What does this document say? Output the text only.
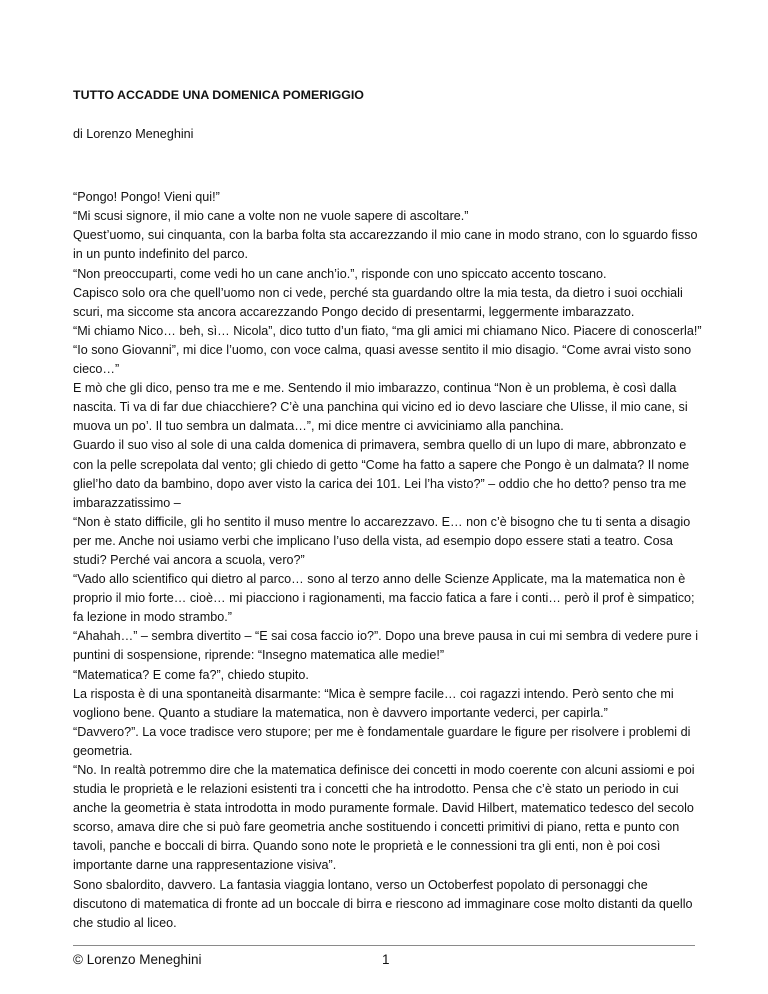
TUTTO ACCADDE UNA DOMENICA POMERIGGIO

di Lorenzo Meneghini

“Pongo! Pongo! Vieni qui!”

“Mi scusi signore, il mio cane a volte non ne vuole sapere di ascoltare.”

Quest’uomo, sui cinquanta, con la barba folta sta accarezzando il mio cane in modo strano, con lo sguardo fisso in un punto indefinito del parco.

“Non preoccuparti, come vedi ho un cane anch’io.”, risponde con uno spiccato accento toscano.

Capisco solo ora che quell’uomo non ci vede, perché sta guardando oltre la mia testa, da dietro i suoi occhiali scuri, ma siccome sta ancora accarezzando Pongo decido di presentarmi, leggermente imbarazzato.

“Mi chiamo Nico… beh, sì… Nicola”, dico tutto d’un fiato, “ma gli amici mi chiamano Nico. Piacere di conoscerla!”

“Io sono Giovanni”, mi dice l’uomo, con voce calma, quasi avesse sentito il mio disagio. “Come avrai visto sono cieco…”

E mò che gli dico, penso tra me e me. Sentendo il mio imbarazzo, continua “Non è un problema, è così dalla nascita. Ti va di far due chiacchiere? C’è una panchina qui vicino ed io devo lasciare che Ulisse, il mio cane, si muova un po’. Il tuo sembra un dalmata…”, mi dice mentre ci avviciniamo alla panchina.

Guardo il suo viso al sole di una calda domenica di primavera, sembra quello di un lupo di mare, abbronzato e con la pelle screpolata dal vento; gli chiedo di getto “Come ha fatto a sapere che Pongo è un dalmata? Il nome gliel’ho dato da bambino, dopo aver visto la carica dei 101. Lei l’ha visto?” – oddio che ho detto? penso tra me imbarazzatissimo –

“Non è stato difficile, gli ho sentito il muso mentre lo accarezzavo. E… non c’è bisogno che tu ti senta a disagio per me. Anche noi usiamo verbi che implicano l’uso della vista, ad esempio dopo essere stati a teatro. Cosa studi? Perché vai ancora a scuola, vero?”

“Vado allo scientifico qui dietro al parco… sono al terzo anno delle Scienze Applicate, ma la matematica non è proprio il mio forte… cioè… mi piacciono i ragionamenti, ma faccio fatica a fare i conti… però il prof è simpatico; fa lezione in modo strambo.”

“Ahahah…” – sembra divertito – “E sai cosa faccio io?”. Dopo una breve pausa in cui mi sembra di vedere pure i puntini di sospensione, riprende: “Insegno matematica alle medie!”

“Matematica? E come fa?”, chiedo stupito.

La risposta è di una spontaneità disarmante: “Mica è sempre facile… coi ragazzi intendo. Però sento che mi vogliono bene. Quanto a studiare la matematica, non è davvero importante vederci, per capirla.”

“Davvero?”. La voce tradisce vero stupore; per me è fondamentale guardare le figure per risolvere i problemi di geometria.

“No. In realtà potremmo dire che la matematica definisce dei concetti in modo coerente con alcuni assiomi e poi studia le proprietà e le relazioni esistenti tra i concetti che ha introdotto. Pensa che c’è stato un periodo in cui anche la geometria è stata introdotta in modo puramente formale. David Hilbert, matematico tedesco del secolo scorso, amava dire che si può fare geometria anche sostituendo i concetti primitivi di piano, retta e punto con tavoli, panche e boccali di birra. Quando sono note le proprietà e le connessioni tra gli enti, non è poi così importante darne una rappresentazione visiva”.

Sono sbalordito, davvero. La fantasia viaggia lontano, verso un Octoberfest popolato di personaggi che discutono di matematica di fronte ad un boccale di birra e riescono ad immaginare cose molto distanti da quello che studio al liceo.

© Lorenzo Meneghini	1
